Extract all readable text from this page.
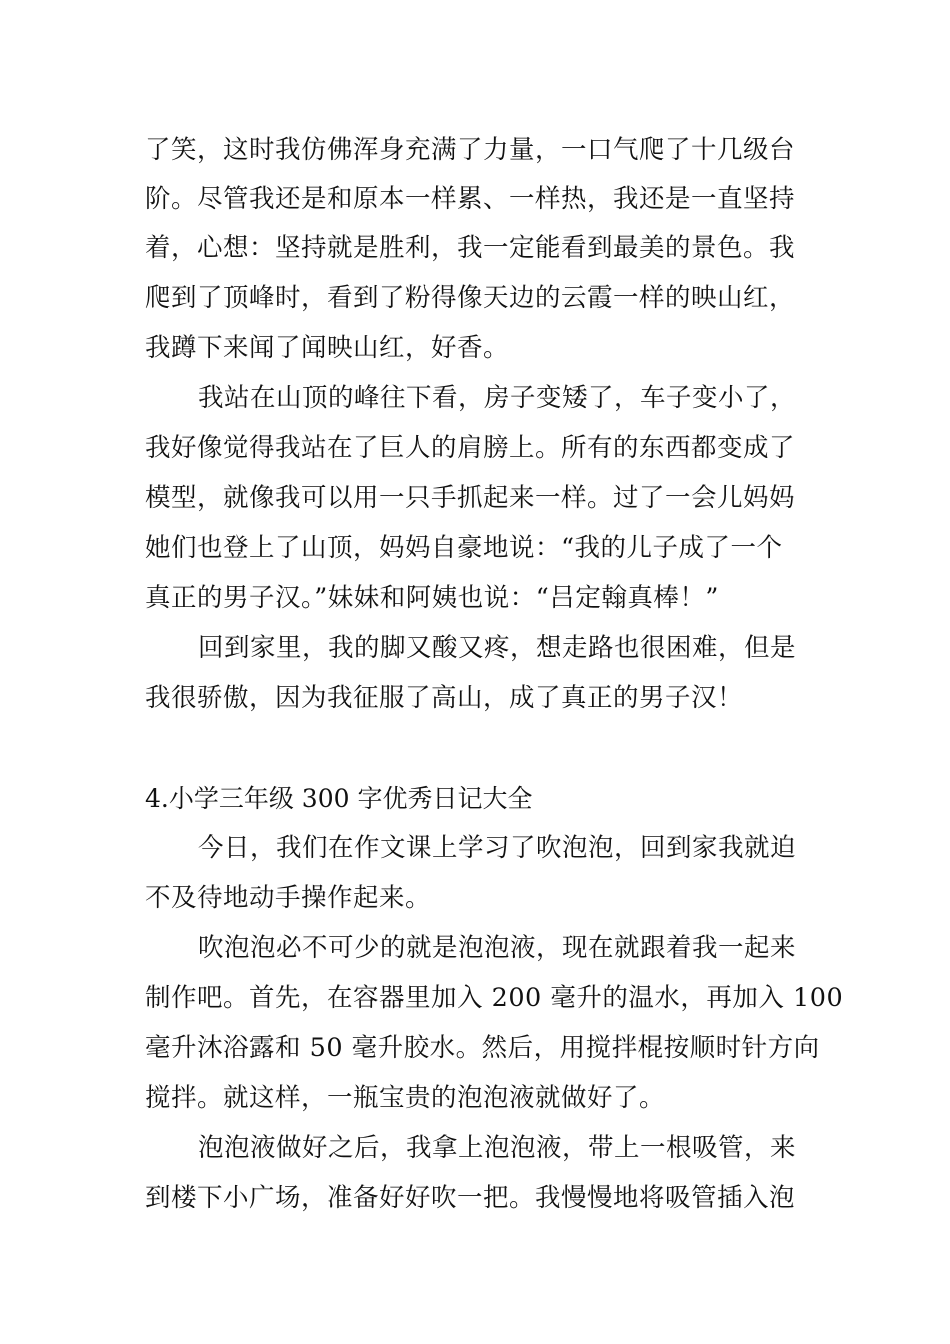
了笑，这时我仿佛浑身充满了力量，一口气爬了十几级台
阶。尽管我还是和原本一样累、一样热，我还是一直坚持
着，心想：坚持就是胜利，我一定能看到最美的景色。我
爬到了顶峰时，看到了粉得像天边的云霞一样的映山红，
我蹲下来闻了闻映山红，好香。
我站在山顶的峰往下看，房子变矮了，车子变小了，
我好像觉得我站在了巨人的肩膀上。所有的东西都变成了
模型，就像我可以用一只手抓起来一样。过了一会儿妈妈
她们也登上了山顶，妈妈自豪地说：“我的儿子成了一个
真正的男子汉。”妹妹和阿姨也说：“吕定翰真棒！”
回到家里，我的脚又酸又疼，想走路也很困难，但是
我很骄傲，因为我征服了高山，成了真正的男子汉！
4.小学三年级 300 字优秀日记大全
今日，我们在作文课上学习了吹泡泡，回到家我就迫
不及待地动手操作起来。
吹泡泡必不可少的就是泡泡液，现在就跟着我一起来
制作吧。首先，在容器里加入 200 毫升的温水，再加入 100
毫升沐浴露和 50 毫升胶水。然后，用搅拌棍按顺时针方向
搅拌。就这样，一瓶宝贵的泡泡液就做好了。
泡泡液做好之后，我拿上泡泡液，带上一根吸管，来
到楼下小广场，准备好好吹一把。我慢慢地将吸管插入泡
